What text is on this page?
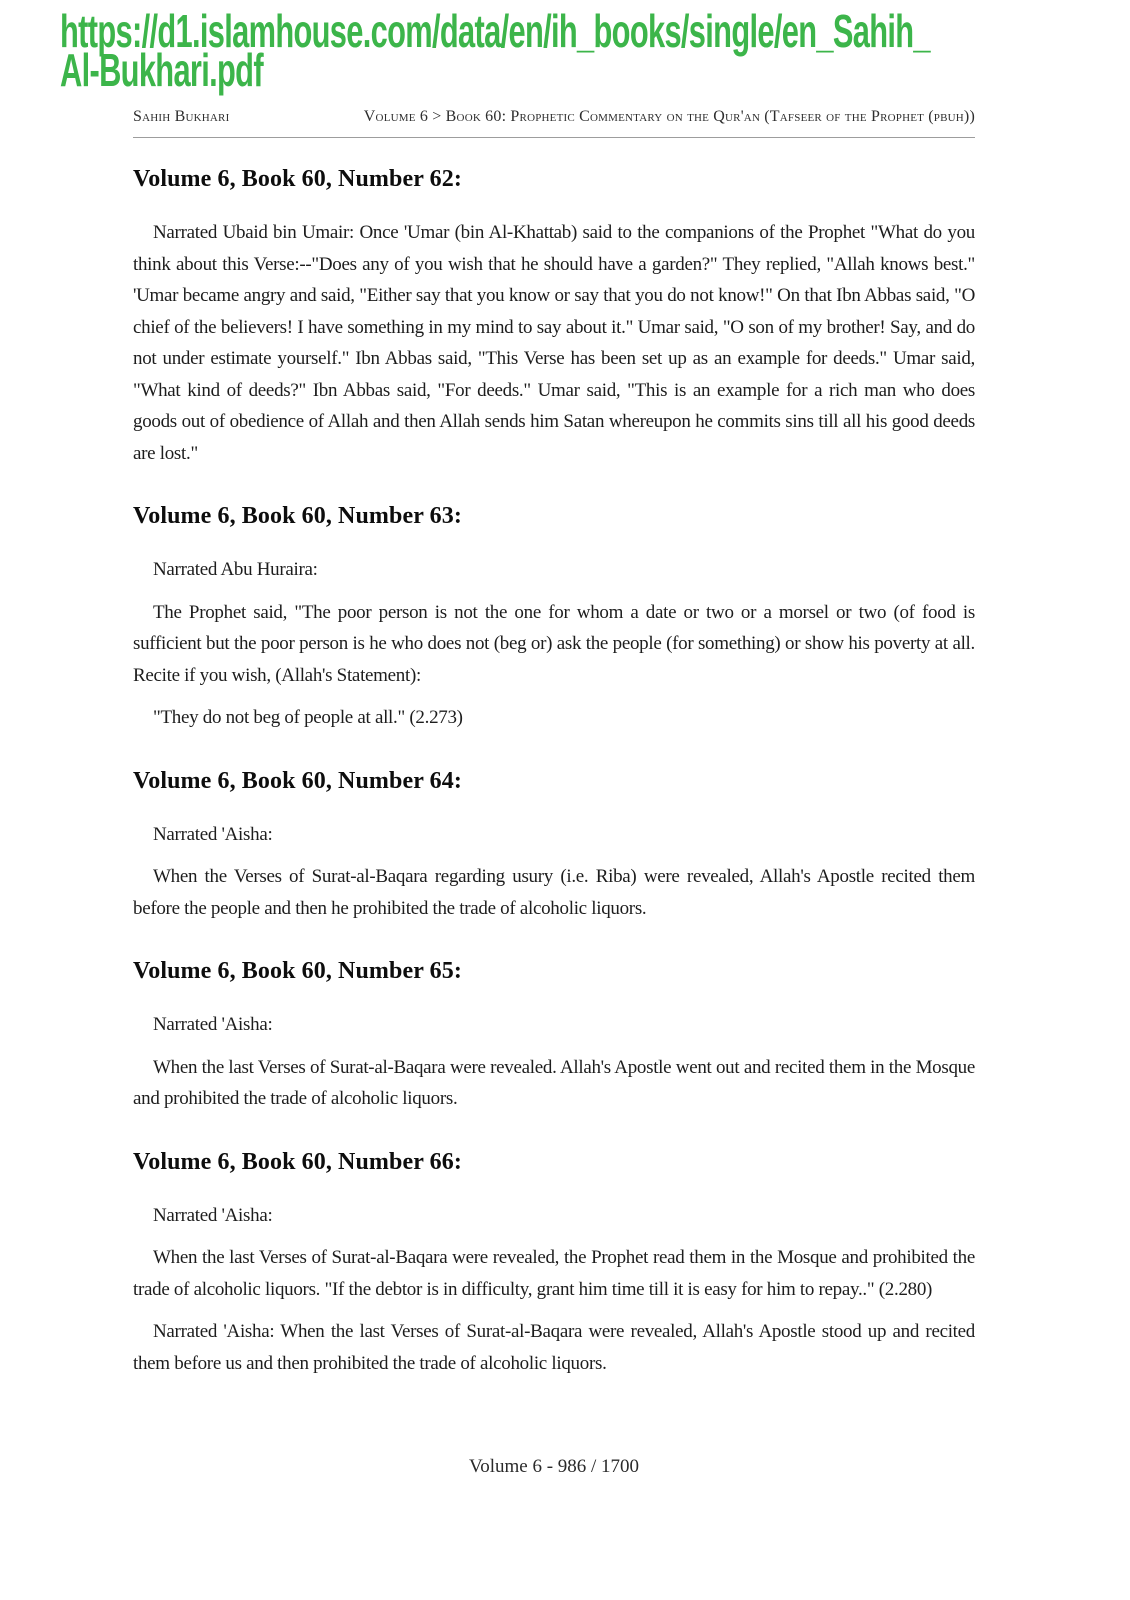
https://d1.islamhouse.com/data/en/ih_books/single/en_Sahih_
Al-Bukhari.pdf
Sahih Bukhari	Volume 6 > Book 60: Prophetic Commentary on the Qur'an (Tafseer of the Prophet (pbuh))
Volume 6, Book 60, Number 62:

Narrated Ubaid bin Umair: Once 'Umar (bin Al-Khattab) said to the companions of the Prophet "What do you think about this Verse:--"Does any of you wish that he should have a garden?" They replied, "Allah knows best." 'Umar became angry and said, "Either say that you know or say that you do not know!" On that Ibn Abbas said, "O chief of the believers! I have something in my mind to say about it." Umar said, "O son of my brother! Say, and do not under estimate yourself." Ibn Abbas said, "This Verse has been set up as an example for deeds." Umar said, "What kind of deeds?" Ibn Abbas said, "For deeds." Umar said, "This is an example for a rich man who does goods out of obedience of Allah and then Allah sends him Satan whereupon he commits sins till all his good deeds are lost."

Volume 6, Book 60, Number 63:

Narrated Abu Huraira:

The Prophet said, "The poor person is not the one for whom a date or two or a morsel or two (of food is sufficient but the poor person is he who does not (beg or) ask the people (for something) or show his poverty at all. Recite if you wish, (Allah's Statement):

"They do not beg of people at all." (2.273)

Volume 6, Book 60, Number 64:

Narrated 'Aisha:

When the Verses of Surat-al-Baqara regarding usury (i.e. Riba) were revealed, Allah's Apostle recited them before the people and then he prohibited the trade of alcoholic liquors.

Volume 6, Book 60, Number 65:

Narrated 'Aisha:

When the last Verses of Surat-al-Baqara were revealed. Allah's Apostle went out and recited them in the Mosque and prohibited the trade of alcoholic liquors.

Volume 6, Book 60, Number 66:

Narrated 'Aisha:

When the last Verses of Surat-al-Baqara were revealed, the Prophet read them in the Mosque and prohibited the trade of alcoholic liquors. "If the debtor is in difficulty, grant him time till it is easy for him to repay.." (2.280)

Narrated 'Aisha: When the last Verses of Surat-al-Baqara were revealed, Allah's Apostle stood up and recited them before us and then prohibited the trade of alcoholic liquors.

Volume 6 - 986 / 1700
